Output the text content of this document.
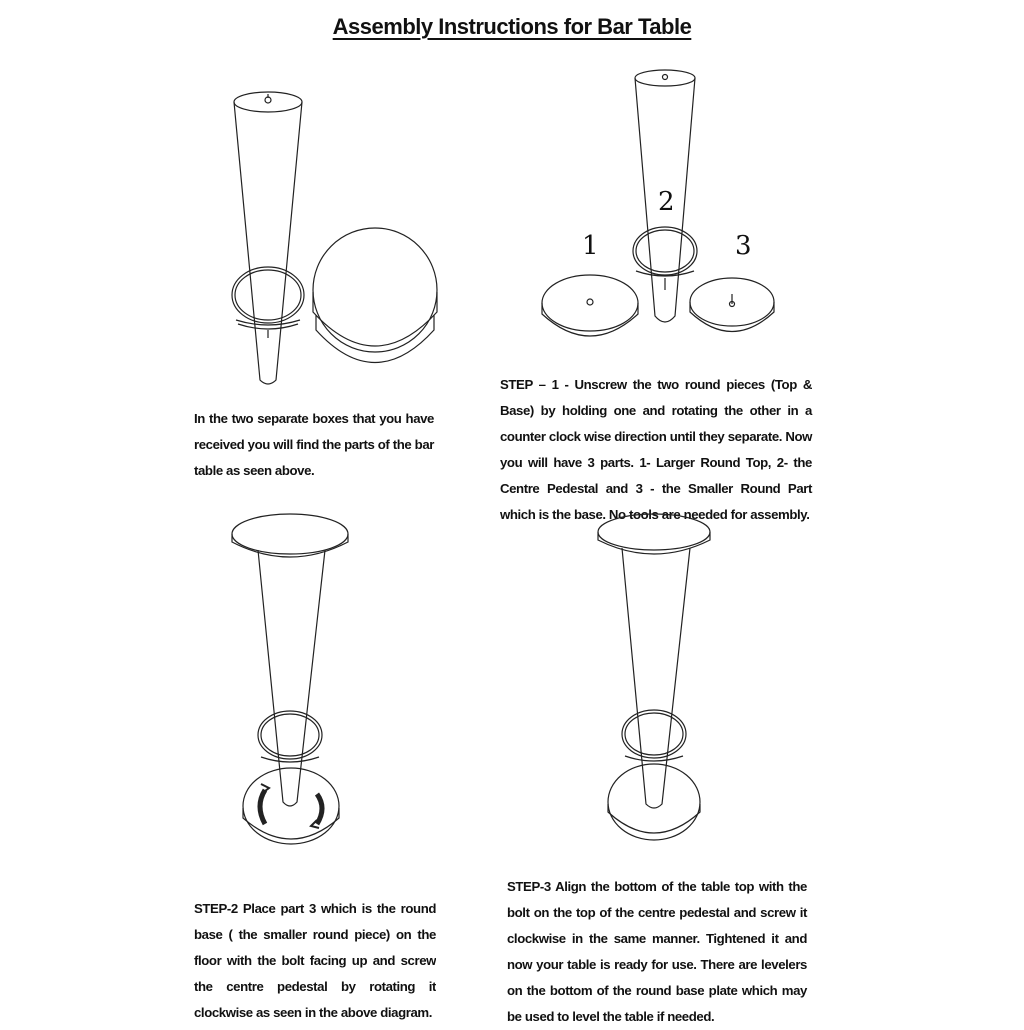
Assembly Instructions for Bar Table
In the two separate boxes that you have received you will find the parts of the bar table as seen above.
1
2
3
STEP – 1 - Unscrew the two round pieces (Top & Base) by holding one and rotating the other in a counter clock wise direction until they separate. Now you will have 3 parts. 1- Larger Round Top, 2- the Centre Pedestal and 3 - the Smaller Round Part which is the base. No tools are needed for assembly.
STEP-2 Place part 3 which is the round base ( the smaller round piece) on the floor with the bolt facing up and screw the centre pedestal by rotating it clockwise as seen in the above diagram.
STEP-3 Align the bottom of the table top with the bolt on the top of the centre pedestal and screw it clockwise in the same manner. Tightened it and now your table is ready for use. There are levelers on the bottom of the round base plate which may be used to level the table if needed.
